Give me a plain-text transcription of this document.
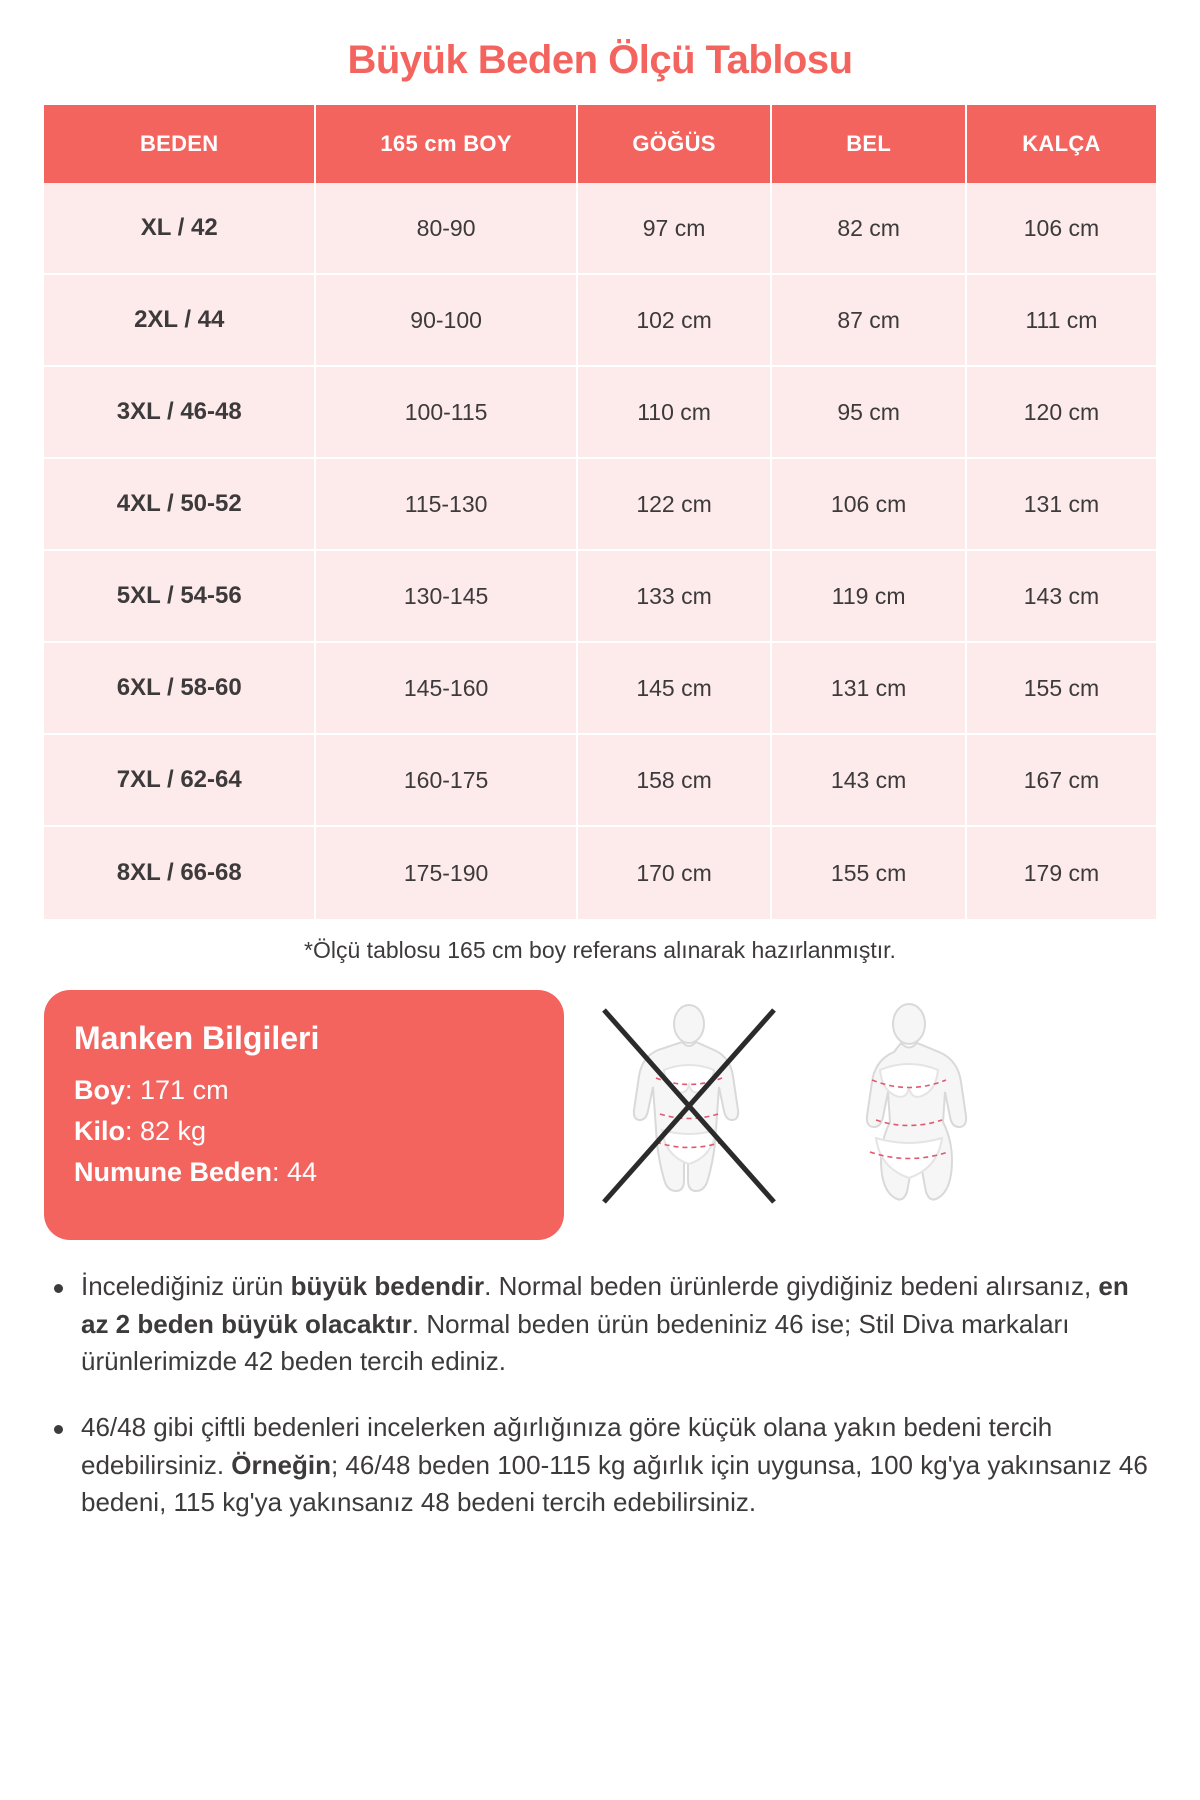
Büyük Beden Ölçü Tablosu
BEDEN	165 cm BOY	GÖĞÜS	BEL	KALÇA
XL / 42	80-90	97 cm	82 cm	106 cm
2XL / 44	90-100	102 cm	87 cm	111 cm
3XL / 46-48	100-115	110 cm	95 cm	120 cm
4XL / 50-52	115-130	122 cm	106 cm	131 cm
5XL / 54-56	130-145	133 cm	119 cm	143 cm
6XL / 58-60	145-160	145 cm	131 cm	155 cm
7XL / 62-64	160-175	158 cm	143 cm	167 cm
8XL / 66-68	175-190	170 cm	155 cm	179 cm

*Ölçü tablosu 165 cm boy referans alınarak hazırlanmıştır.

Manken Bilgileri
Boy: 171 cm
Kilo: 82 kg
Numune Beden: 44

İncelediğiniz ürün büyük bedendir. Normal beden ürünlerde giydiğiniz bedeni alırsanız, en az 2 beden büyük olacaktır. Normal beden ürün bedeniniz 46 ise; Stil Diva markaları ürünlerimizde 42 beden tercih ediniz.

46/48 gibi çiftli bedenleri incelerken ağırlığınıza göre küçük olana yakın bedeni tercih edebilirsiniz. Örneğin; 46/48 beden 100-115 kg ağırlık için uygunsa, 100 kg'ya yakınsanız 46 bedeni, 115 kg'ya yakınsanız 48 bedeni tercih edebilirsiniz.
